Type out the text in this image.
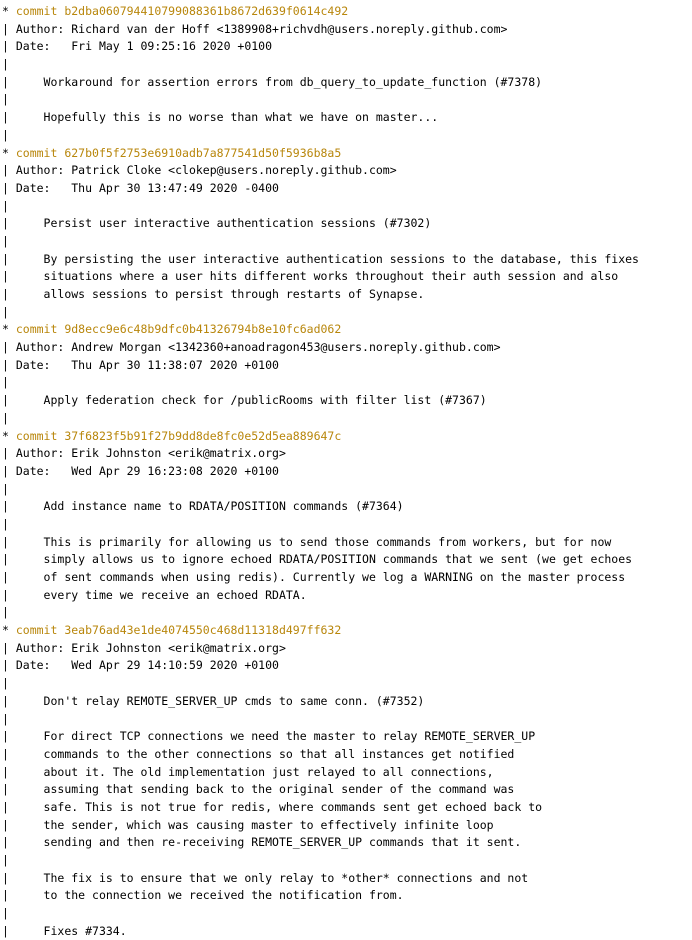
* commit b2dba060794410799088361b8672d639f0614c492
| Author: Richard van der Hoff <1389908+richvdh@users.noreply.github.com>
| Date:   Fri May 1 09:25:16 2020 +0100
|
|     Workaround for assertion errors from db_query_to_update_function (#7378)
|
|     Hopefully this is no worse than what we have on master...
|
* commit 627b0f5f2753e6910adb7a877541d50f5936b8a5
| Author: Patrick Cloke <clokep@users.noreply.github.com>
| Date:   Thu Apr 30 13:47:49 2020 -0400
|
|     Persist user interactive authentication sessions (#7302)
|
|     By persisting the user interactive authentication sessions to the database, this fixes
|     situations where a user hits different works throughout their auth session and also
|     allows sessions to persist through restarts of Synapse.
|
* commit 9d8ecc9e6c48b9dfc0b41326794b8e10fc6ad062
| Author: Andrew Morgan <1342360+anoadragon453@users.noreply.github.com>
| Date:   Thu Apr 30 11:38:07 2020 +0100
|
|     Apply federation check for /publicRooms with filter list (#7367)
|
* commit 37f6823f5b91f27b9dd8de8fc0e52d5ea889647c
| Author: Erik Johnston <erik@matrix.org>
| Date:   Wed Apr 29 16:23:08 2020 +0100
|
|     Add instance name to RDATA/POSITION commands (#7364)
|
|     This is primarily for allowing us to send those commands from workers, but for now
|     simply allows us to ignore echoed RDATA/POSITION commands that we sent (we get echoes
|     of sent commands when using redis). Currently we log a WARNING on the master process
|     every time we receive an echoed RDATA.
|
* commit 3eab76ad43e1de4074550c468d11318d497ff632
| Author: Erik Johnston <erik@matrix.org>
| Date:   Wed Apr 29 14:10:59 2020 +0100
|
|     Don't relay REMOTE_SERVER_UP cmds to same conn. (#7352)
|
|     For direct TCP connections we need the master to relay REMOTE_SERVER_UP
|     commands to the other connections so that all instances get notified
|     about it. The old implementation just relayed to all connections,
|     assuming that sending back to the original sender of the command was
|     safe. This is not true for redis, where commands sent get echoed back to
|     the sender, which was causing master to effectively infinite loop
|     sending and then re-receiving REMOTE_SERVER_UP commands that it sent.
|
|     The fix is to ensure that we only relay to *other* connections and not
|     to the connection we received the notification from.
|
|     Fixes #7334.
